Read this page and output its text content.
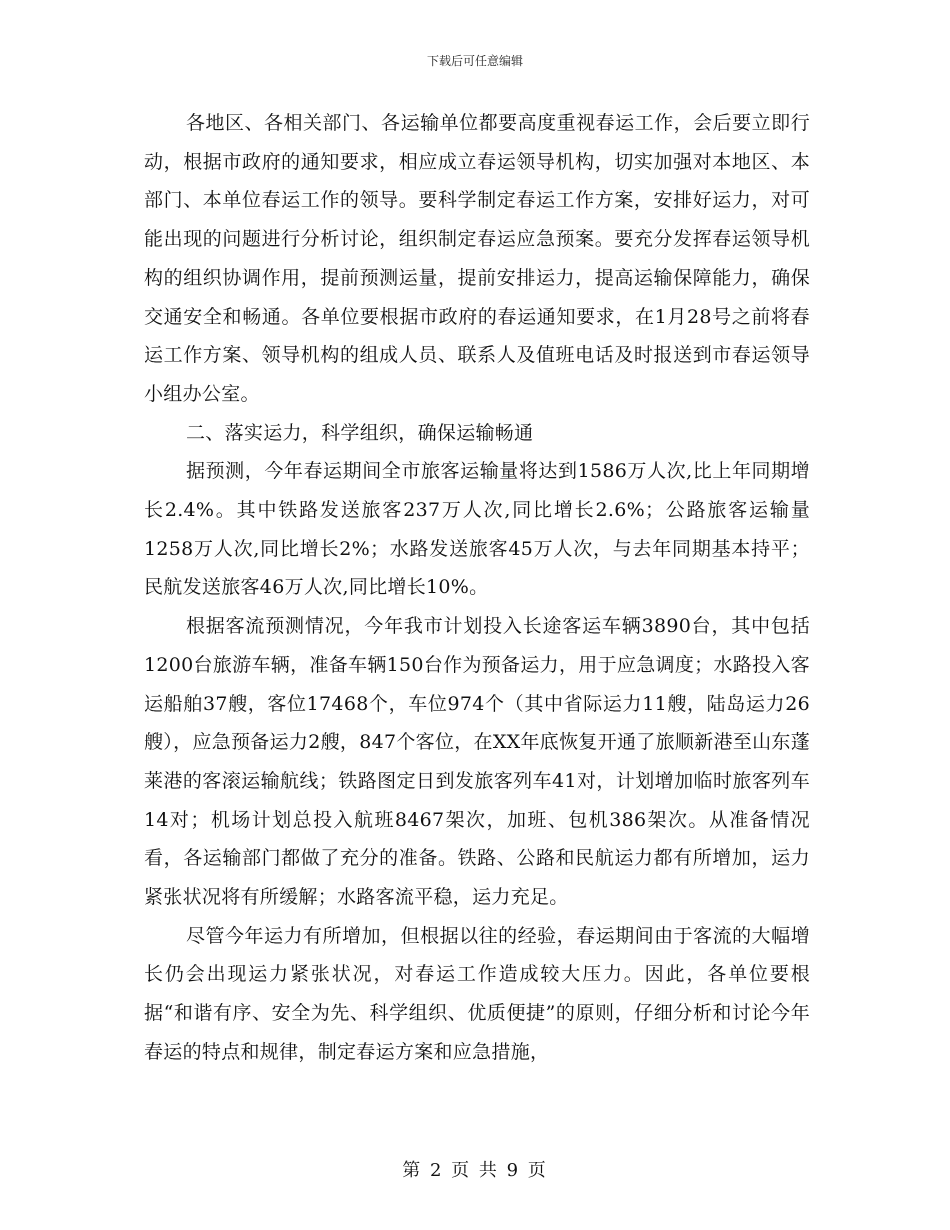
下载后可任意编辑

各地区、各相关部门、各运输单位都要高度重视春运工作，会后要立即行动，根据市政府的通知要求，相应成立春运领导机构，切实加强对本地区、本部门、本单位春运工作的领导。要科学制定春运工作方案，安排好运力，对可能出现的问题进行分析讨论，组织制定春运应急预案。要充分发挥春运领导机构的组织协调作用，提前预测运量，提前安排运力，提高运输保障能力，确保交通安全和畅通。各单位要根据市政府的春运通知要求，在1月28号之前将春运工作方案、领导机构的组成人员、联系人及值班电话及时报送到市春运领导小组办公室。

二、落实运力，科学组织，确保运输畅通

据预测，今年春运期间全市旅客运输量将达到1586万人次,比上年同期增长2.4%。其中铁路发送旅客237万人次,同比增长2.6%；公路旅客运输量1258万人次,同比增长2%；水路发送旅客45万人次，与去年同期基本持平；民航发送旅客46万人次,同比增长10%。

根据客流预测情况，今年我市计划投入长途客运车辆3890台，其中包括1200台旅游车辆，准备车辆150台作为预备运力，用于应急调度；水路投入客运船舶37艘，客位17468个，车位974个（其中省际运力11艘，陆岛运力26艘），应急预备运力2艘，847个客位，在XX年底恢复开通了旅顺新港至山东蓬莱港的客滚运输航线；铁路图定日到发旅客列车41对，计划增加临时旅客列车14对；机场计划总投入航班8467架次，加班、包机386架次。从准备情况看，各运输部门都做了充分的准备。铁路、公路和民航运力都有所增加，运力紧张状况将有所缓解；水路客流平稳，运力充足。

尽管今年运力有所增加，但根据以往的经验，春运期间由于客流的大幅增长仍会出现运力紧张状况，对春运工作造成较大压力。因此，各单位要根据“和谐有序、安全为先、科学组织、优质便捷”的原则，仔细分析和讨论今年春运的特点和规律，制定春运方案和应急措施，

第 2 页 共 9 页
